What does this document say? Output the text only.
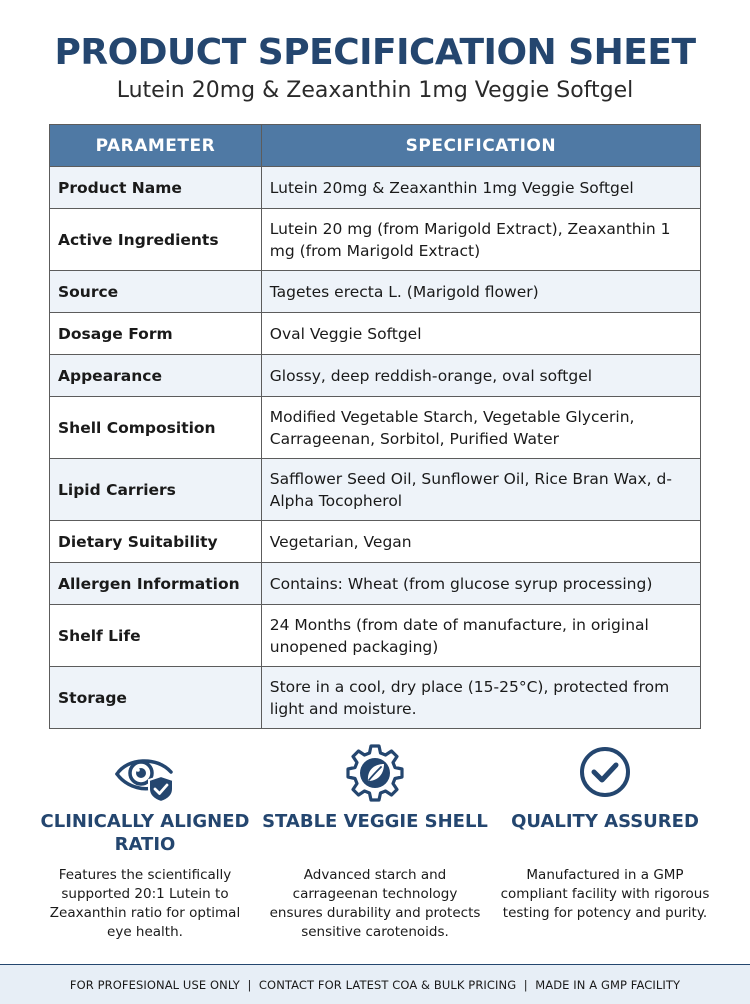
PRODUCT SPECIFICATION SHEET
Lutein 20mg & Zeaxanthin 1mg Veggie Softgel
PARAMETER	SPECIFICATION
Product Name	Lutein 20mg & Zeaxanthin 1mg Veggie Softgel
Active Ingredients	Lutein 20 mg (from Marigold Extract), Zeaxanthin 1 mg (from Marigold Extract)
Source	Tagetes erecta L. (Marigold flower)
Dosage Form	Oval Veggie Softgel
Appearance	Glossy, deep reddish-orange, oval softgel
Shell Composition	Modified Vegetable Starch, Vegetable Glycerin, Carrageenan, Sorbitol, Purified Water
Lipid Carriers	Safflower Seed Oil, Sunflower Oil, Rice Bran Wax, d-Alpha Tocopherol
Dietary Suitability	Vegetarian, Vegan
Allergen Information	Contains: Wheat (from glucose syrup processing)
Shelf Life	24 Months (from date of manufacture, in original unopened packaging)
Storage	Store in a cool, dry place (15-25°C), protected from light and moisture.
CLINICALLY ALIGNED RATIO
Features the scientifically supported 20:1 Lutein to Zeaxanthin ratio for optimal eye health.
STABLE VEGGIE SHELL
Advanced starch and carrageenan technology ensures durability and protects sensitive carotenoids.
QUALITY ASSURED
Manufactured in a GMP compliant facility with rigorous testing for potency and purity.
FOR PROFESIONAL USE ONLY  |  CONTACT FOR LATEST COA & BULK PRICING  |  MADE IN A GMP FACILITY
